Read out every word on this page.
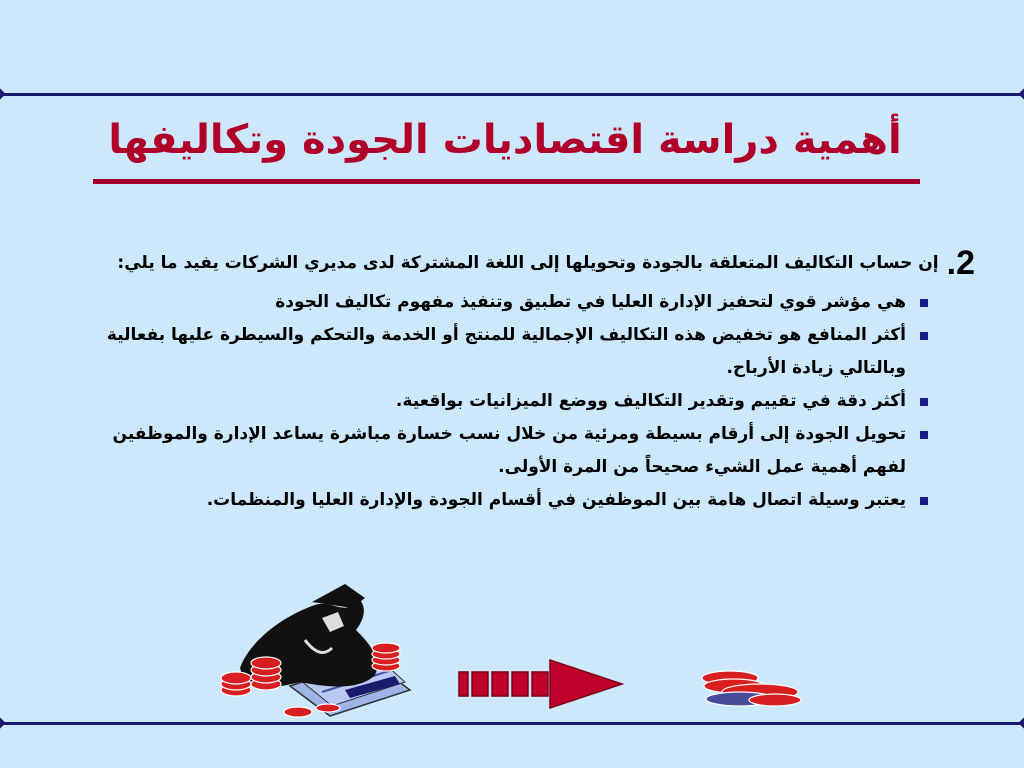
أهمية دراسة اقتصاديات الجودة وتكاليفها
2.
إن حساب التكاليف المتعلقة بالجودة وتحويلها إلى اللغة المشتركة لدى مديري الشركات يفيد ما يلي:
هي مؤشر قوي لتحفيز الإدارة العليا في تطبيق وتنفيذ مفهوم تكاليف الجودة
أكثر المنافع هو تخفيض هذه التكاليف الإجمالية للمنتج أو الخدمة والتحكم والسيطرة عليها بفعالية وبالتالي زيادة الأرباح.
أكثر دقة في تقييم وتقدير التكاليف ووضع الميزانيات بواقعية.
تحويل الجودة إلى أرقام بسيطة ومرئية من خلال نسب خسارة مباشرة يساعد الإدارة والموظفين لفهم أهمية عمل الشيء صحيحاً من المرة الأولى.
يعتبر وسيلة اتصال هامة بين الموظفين في أقسام الجودة والإدارة العليا والمنظمات.
